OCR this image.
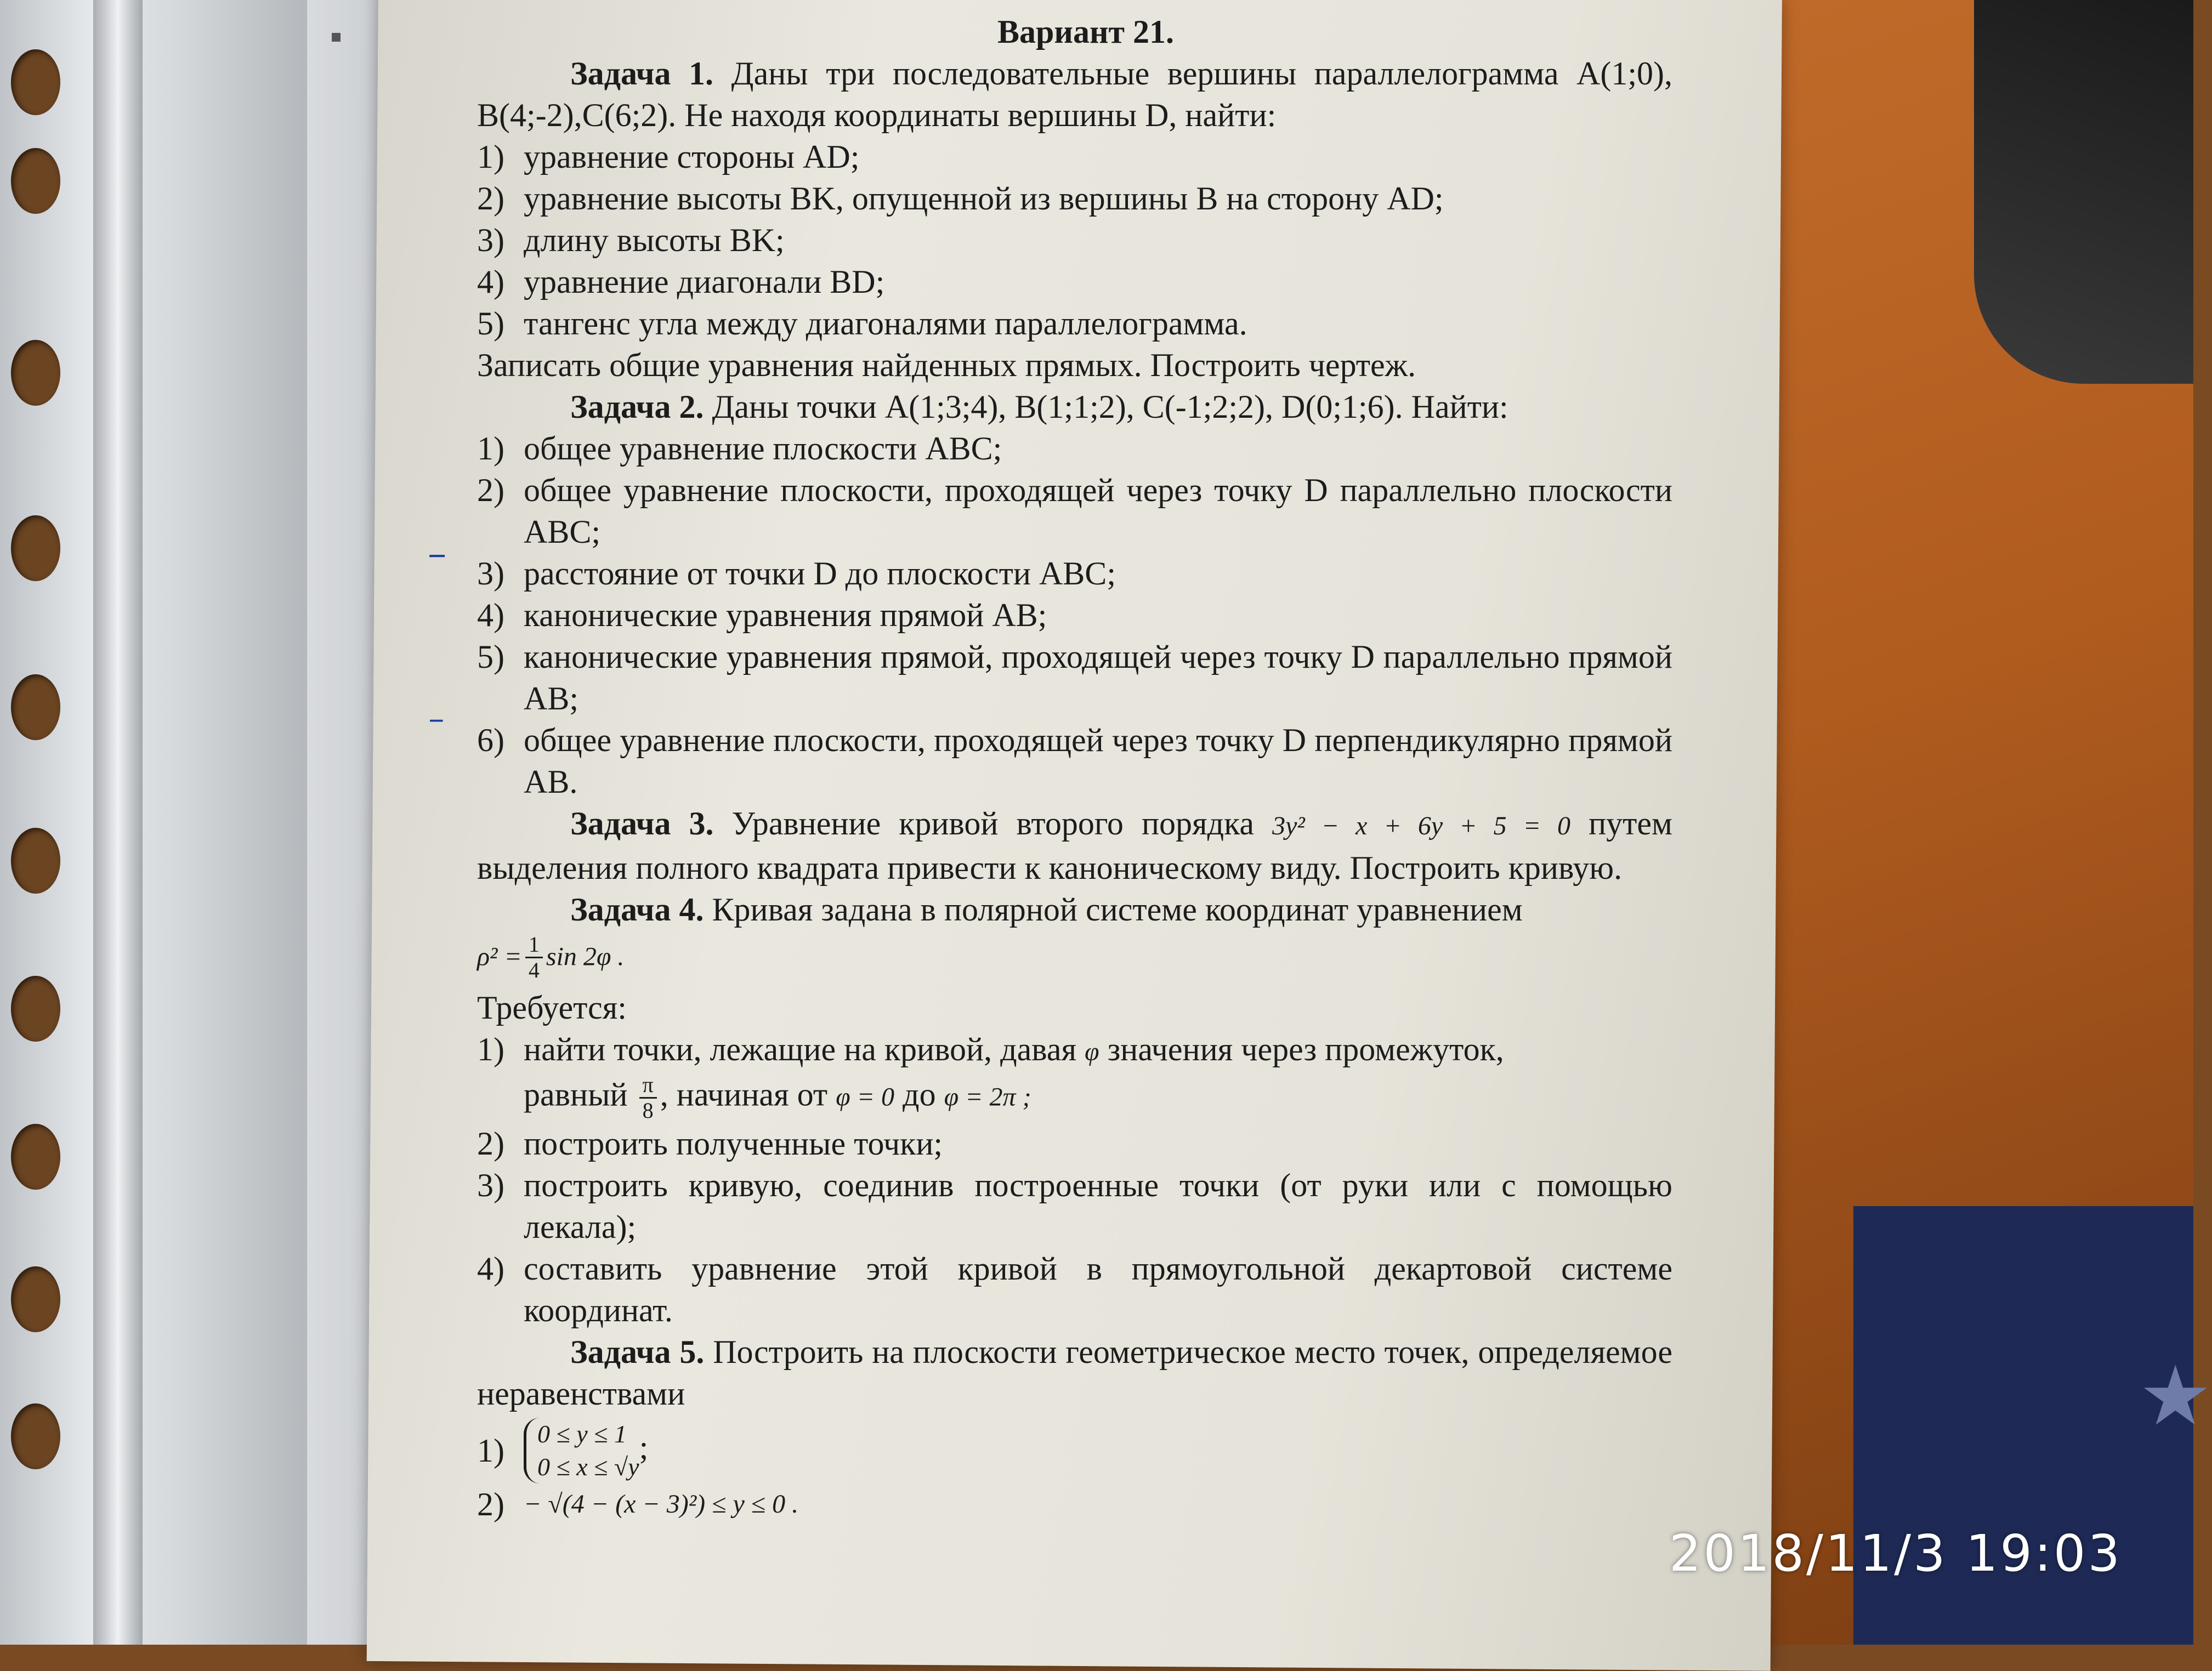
★
−
⁻

Вариант 21.

Задача 1. Даны три последовательные вершины параллелограмма A(1;0), B(4;-2),C(6;2). Не находя координаты вершины D, найти:

1) уравнение стороны AD;
2) уравнение высоты BK, опущенной из вершины B на сторону AD;
3) длину высоты BK;
4) уравнение диагонали BD;
5) тангенс угла между диагоналями параллелограмма.

Записать общие уравнения найденных прямых. Построить чертеж.

Задача 2. Даны точки A(1;3;4), B(1;1;2), C(-1;2;2), D(0;1;6). Найти:

1) общее уравнение плоскости ABC;
2) общее уравнение плоскости, проходящей через точку D параллельно плоскости ABC;
3) расстояние от точки D до плоскости ABC;
4) канонические уравнения прямой AB;
5) канонические уравнения прямой, проходящей через точку D параллельно прямой AB;
6) общее уравнение плоскости, проходящей через точку D перпендикулярно прямой AB.

Задача 3. Уравнение кривой второго порядка 3y² − x + 6y + 5 = 0 путем выделения полного квадрата привести к каноническому виду. Построить кривую.

Задача 4. Кривая задана в полярной системе координат уравнением

$\rho^2 = \frac{1}{4}$ sin 2φ .

Требуется:

1) найти точки, лежащие на кривой, давая φ значения через промежуток,
равный $\frac{\pi}{8}$ , начиная от φ = 0 до φ = 2π ;
2) построить полученные точки;
3) построить кривую, соединив построенные точки (от руки или с помощью лекала);
4) составить уравнение этой кривой в прямоугольной декартовой системе координат.

Задача 5. Построить на плоскости геометрическое место точек, определяемое неравенствами

1)	0 ≤ y ≤ 1
0 ≤ x ≤ √y
;
2) − √(4 − (x − 3)²) ≤ y ≤ 0 .
2018/11/3 19:03
